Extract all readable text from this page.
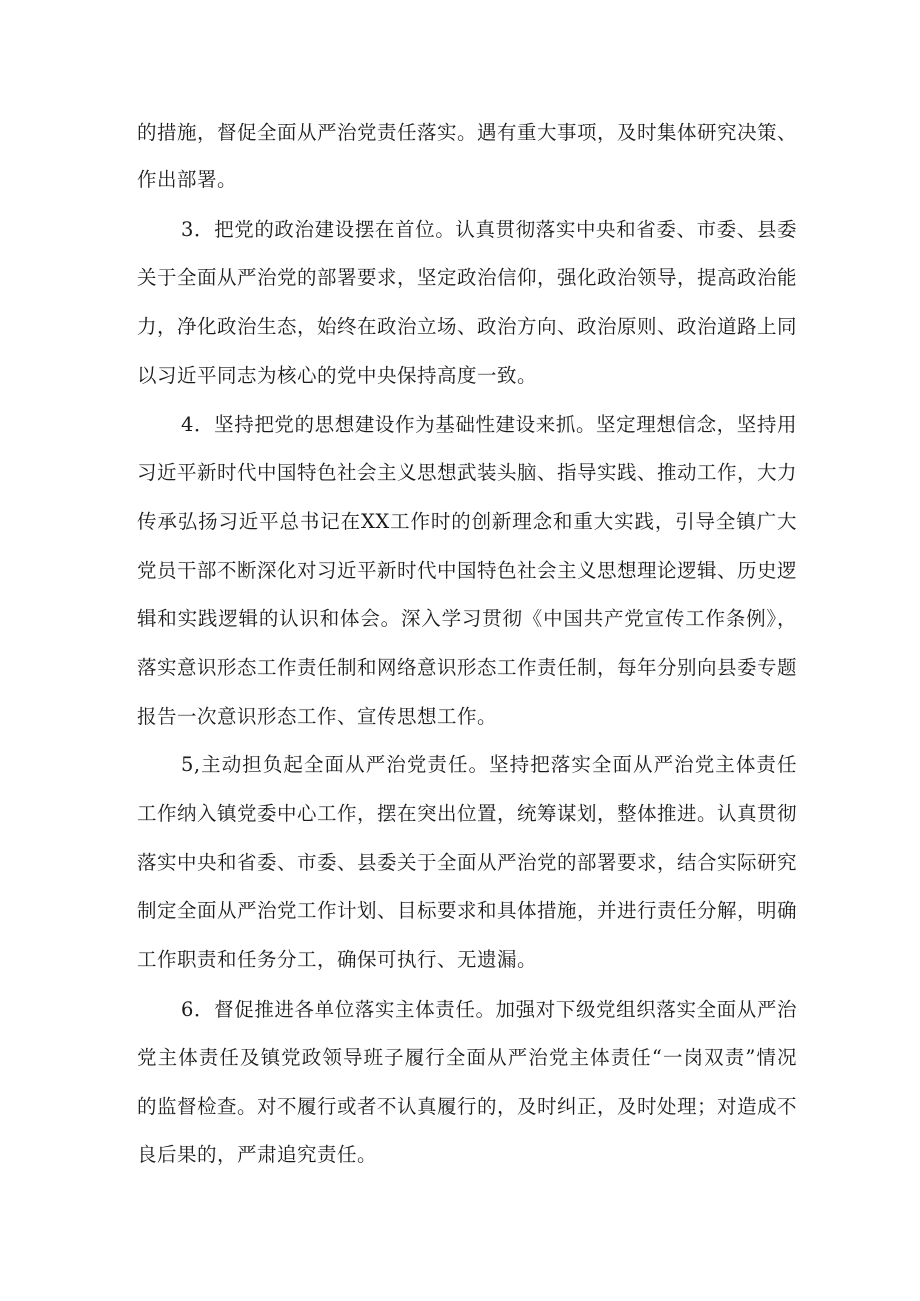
的措施，督促全面从严治党责任落实。遇有重大事项，及时集体研究决策、
作出部署。
3．把党的政治建设摆在首位。认真贯彻落实中央和省委、市委、县委
关于全面从严治党的部署要求，坚定政治信仰，强化政治领导，提高政治能
力，净化政治生态，始终在政治立场、政治方向、政治原则、政治道路上同
以习近平同志为核心的党中央保持高度一致。
4．坚持把党的思想建设作为基础性建设来抓。坚定理想信念，坚持用
习近平新时代中国特色社会主义思想武装头脑、指导实践、推动工作，大力
传承弘扬习近平总书记在XX工作时的创新理念和重大实践，引导全镇广大
党员干部不断深化对习近平新时代中国特色社会主义思想理论逻辑、历史逻
辑和实践逻辑的认识和体会。深入学习贯彻《中国共产党宣传工作条例》，
落实意识形态工作责任制和网络意识形态工作责任制，每年分别向县委专题
报告一次意识形态工作、宣传思想工作。
5,主动担负起全面从严治党责任。坚持把落实全面从严治党主体责任
工作纳入镇党委中心工作，摆在突出位置，统筹谋划，整体推进。认真贯彻
落实中央和省委、市委、县委关于全面从严治党的部署要求，结合实际研究
制定全面从严治党工作计划、目标要求和具体措施，并进行责任分解，明确
工作职责和任务分工，确保可执行、无遗漏。
6．督促推进各单位落实主体责任。加强对下级党组织落实全面从严治
党主体责任及镇党政领导班子履行全面从严治党主体责任“一岗双责”情况
的监督检查。对不履行或者不认真履行的，及时纠正，及时处理；对造成不
良后果的，严肃追究责任。
